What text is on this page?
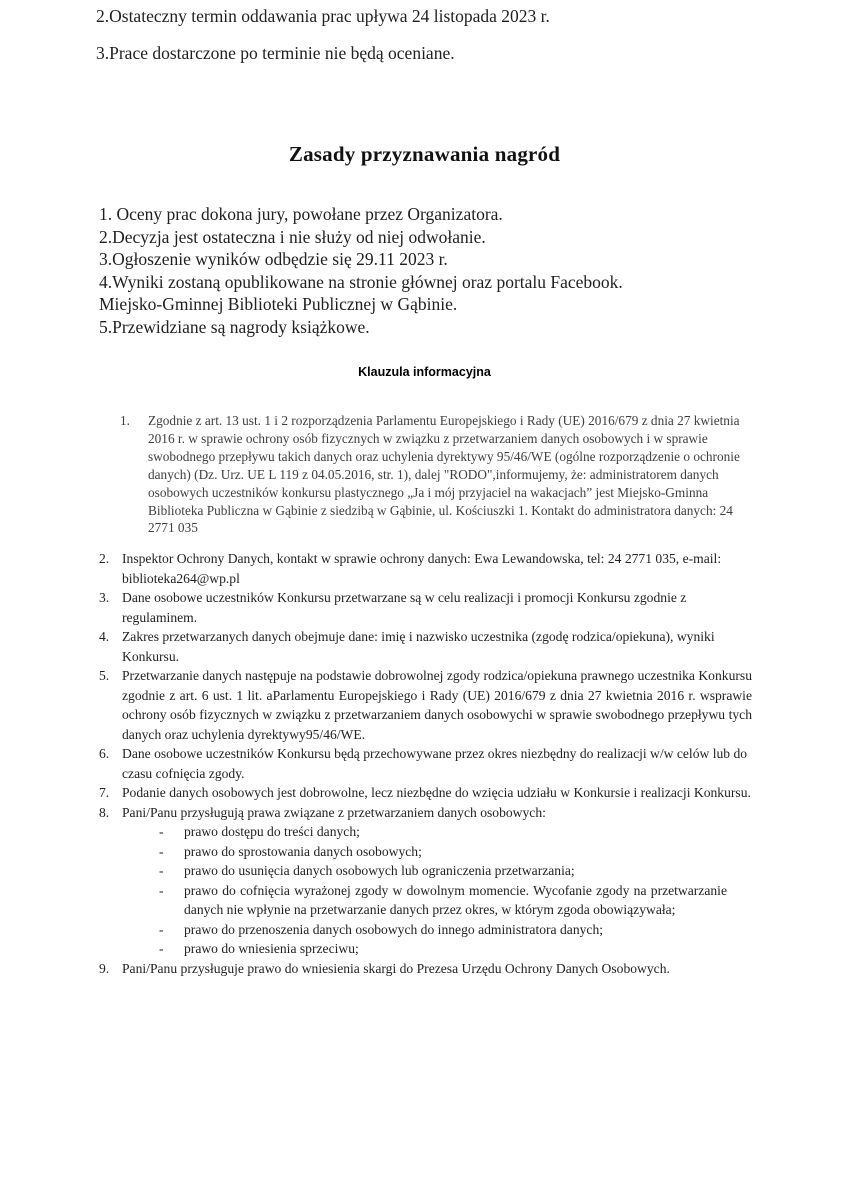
2.Ostateczny termin oddawania prac upływa 24 listopada 2023 r.

3.Prace dostarczone po terminie nie będą oceniane.

Zasady przyznawania nagród

1. Oceny prac dokona jury, powołane przez Organizatora.

2.Decyzja jest ostateczna i nie służy od niej odwołanie.

3.Ogłoszenie wyników odbędzie się 29.11 2023 r.

4.Wyniki zostaną opublikowane na stronie głównej oraz portalu Facebook.

Miejsko-Gminnej Biblioteki Publicznej w Gąbinie.

5.Przewidziane są nagrody książkowe.

Klauzula informacyjna
1. Zgodnie z art. 13 ust. 1 i 2 rozporządzenia Parlamentu Europejskiego i Rady (UE) 2016/679 z dnia 27 kwietnia 2016 r. w sprawie ochrony osób fizycznych w związku z przetwarzaniem danych osobowych i w sprawie swobodnego przepływu takich danych oraz uchylenia dyrektywy 95/46/WE (ogólne rozporządzenie o ochronie danych) (Dz. Urz. UE L 119 z 04.05.2016, str. 1), dalej "RODO",informujemy, że: administratorem danych osobowych uczestników konkursu plastycznego „Ja i mój przyjaciel na wakacjach” jest Miejsko-Gminna Biblioteka Publiczna w Gąbinie z siedzibą w Gąbinie, ul. Kościuszki 1. Kontakt do administratora danych: 24 2771 035
2. Inspektor Ochrony Danych, kontakt w sprawie ochrony danych: Ewa Lewandowska, tel: 24 2771 035, e-mail: biblioteka264@wp.pl
3. Dane osobowe uczestników Konkursu przetwarzane są w celu realizacji i promocji Konkursu zgodnie z regulaminem.
4. Zakres przetwarzanych danych obejmuje dane: imię i nazwisko uczestnika (zgodę rodzica/opiekuna), wyniki Konkursu.
5. Przetwarzanie danych następuje na podstawie dobrowolnej zgody rodzica/opiekuna prawnego uczestnika Konkursu zgodnie z art. 6 ust. 1 lit. aParlamentu Europejskiego i Rady (UE) 2016/679 z dnia 27 kwietnia 2016 r. wsprawie ochrony osób fizycznych w związku z przetwarzaniem danych osobowychi w sprawie swobodnego przepływu tych danych oraz uchylenia dyrektywy95/46/WE.
6. Dane osobowe uczestników Konkursu będą przechowywane przez okres niezbędny do realizacji w/w celów lub do czasu cofnięcia zgody.
7. Podanie danych osobowych jest dobrowolne, lecz niezbędne do wzięcia udziału w Konkursie i realizacji Konkursu.
8. Pani/Panu przysługują prawa związane z przetwarzaniem danych osobowych:
- prawo dostępu do treści danych;
- prawo do sprostowania danych osobowych;
- prawo do usunięcia danych osobowych lub ograniczenia przetwarzania;
- prawo do cofnięcia wyrażonej zgody w dowolnym momencie. Wycofanie zgody na przetwarzanie danych nie wpłynie na przetwarzanie danych przez okres, w którym zgoda obowiązywała;
- prawo do przenoszenia danych osobowych do innego administratora danych;
- prawo do wniesienia sprzeciwu;
9. Pani/Panu przysługuje prawo do wniesienia skargi do Prezesa Urzędu Ochrony Danych Osobowych.
